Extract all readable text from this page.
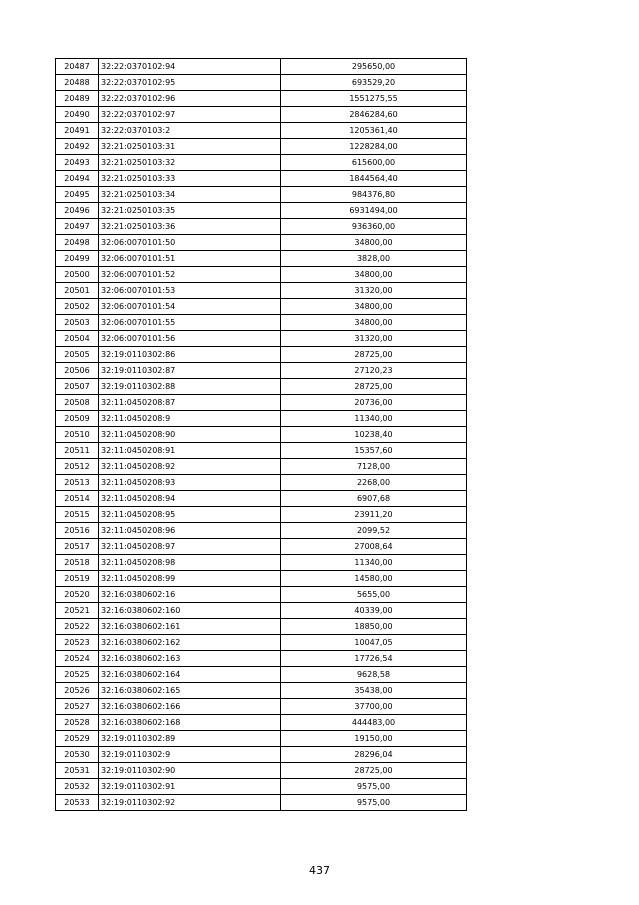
20487	32:22:0370102:94	295650,00
20488	32:22:0370102:95	693529,20
20489	32:22:0370102:96	1551275,55
20490	32:22:0370102:97	2846284,60
20491	32:22:0370103:2	1205361,40
20492	32:21:0250103:31	1228284,00
20493	32:21:0250103:32	615600,00
20494	32:21:0250103:33	1844564,40
20495	32:21:0250103:34	984376,80
20496	32:21:0250103:35	6931494,00
20497	32:21:0250103:36	936360,00
20498	32:06:0070101:50	34800,00
20499	32:06:0070101:51	3828,00
20500	32:06:0070101:52	34800,00
20501	32:06:0070101:53	31320,00
20502	32:06:0070101:54	34800,00
20503	32:06:0070101:55	34800,00
20504	32:06:0070101:56	31320,00
20505	32:19:0110302:86	28725,00
20506	32:19:0110302:87	27120,23
20507	32:19:0110302:88	28725,00
20508	32:11:0450208:87	20736,00
20509	32:11:0450208:9	11340,00
20510	32:11:0450208:90	10238,40
20511	32:11:0450208:91	15357,60
20512	32:11:0450208:92	7128,00
20513	32:11:0450208:93	2268,00
20514	32:11:0450208:94	6907,68
20515	32:11:0450208:95	23911,20
20516	32:11:0450208:96	2099,52
20517	32:11:0450208:97	27008,64
20518	32:11:0450208:98	11340,00
20519	32:11:0450208:99	14580,00
20520	32:16:0380602:16	5655,00
20521	32:16:0380602:160	40339,00
20522	32:16:0380602:161	18850,00
20523	32:16:0380602:162	10047,05
20524	32:16:0380602:163	17726,54
20525	32:16:0380602:164	9628,58
20526	32:16:0380602:165	35438,00
20527	32:16:0380602:166	37700,00
20528	32:16:0380602:168	444483,00
20529	32:19:0110302:89	19150,00
20530	32:19:0110302:9	28296,04
20531	32:19:0110302:90	28725,00
20532	32:19:0110302:91	9575,00
20533	32:19:0110302:92	9575,00
437
